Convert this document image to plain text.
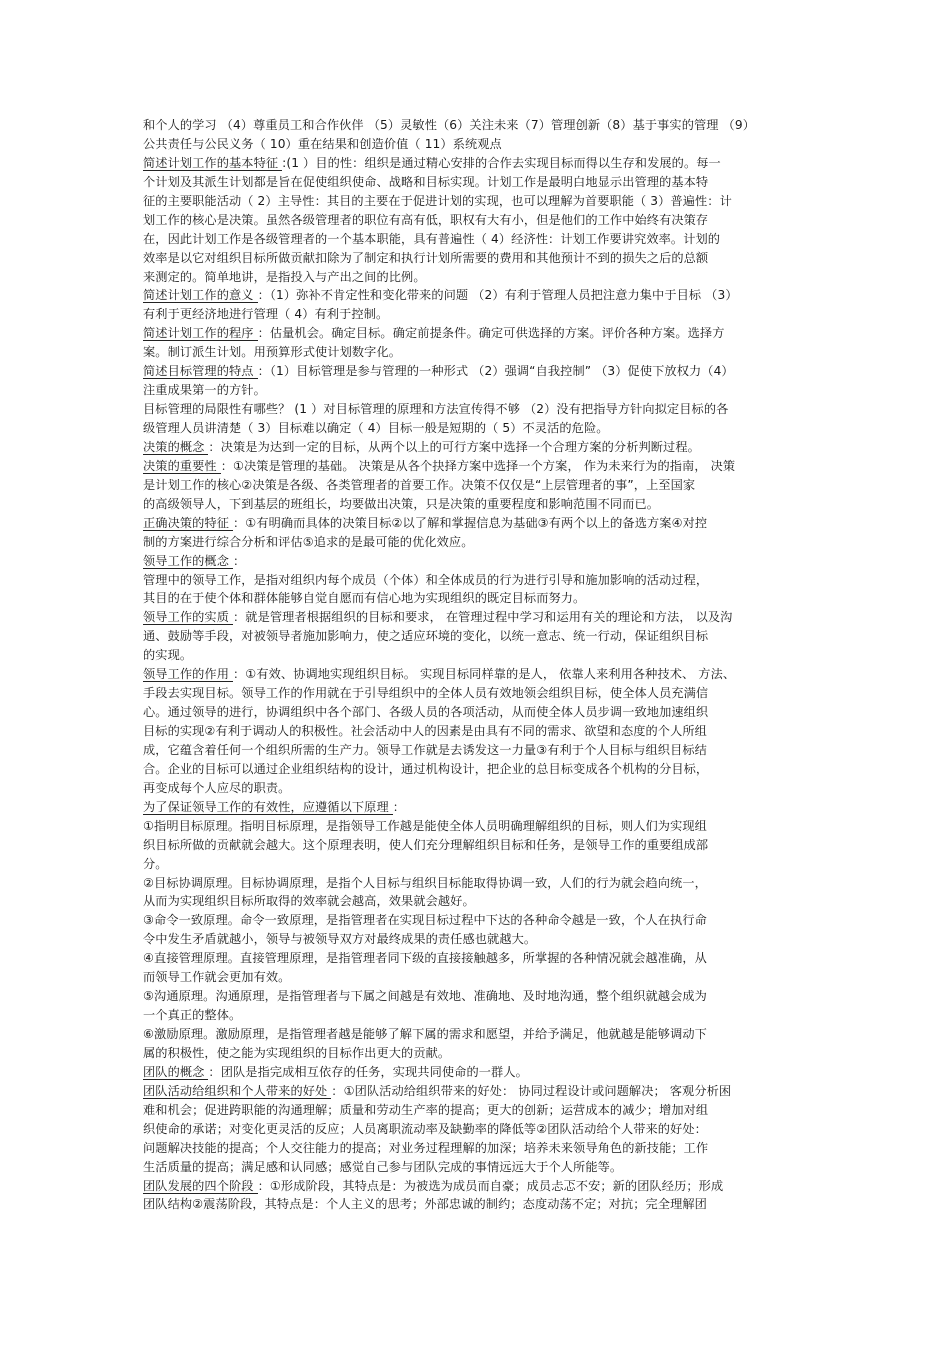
和个人的学习 （4）尊重员工和合作伙伴 （5）灵敏性（6）关注未来（7）管理创新（8）基于事实的管理 （9）
公共责任与公民义务（ 10）重在结果和创造价值（ 11）系统观点
简述计划工作的基本特征 :(1 ）目的性：组织是通过精心安排的合作去实现目标而得以生存和发展的。每一
个计划及其派生计划都是旨在促使组织使命、战略和目标实现。计划工作是最明白地显示出管理的基本特
征的主要职能活动（ 2）主导性：其目的主要在于促进计划的实现，也可以理解为首要职能（ 3）普遍性：计
划工作的核心是决策。虽然各级管理者的职位有高有低，职权有大有小，但是他们的工作中始终有决策存
在，因此计划工作是各级管理者的一个基本职能，具有普遍性（ 4）经济性：计划工作要讲究效率。计划的
效率是以它对组织目标所做贡献扣除为了制定和执行计划所需要的费用和其他预计不到的损失之后的总额
来测定的。简单地讲，是指投入与产出之间的比例。
简述计划工作的意义 ：（1）弥补不肯定性和变化带来的问题 （2）有利于管理人员把注意力集中于目标 （3）
有利于更经济地进行管理（ 4）有利于控制。
简述计划工作的程序 ：估量机会。确定目标。确定前提条件。确定可供选择的方案。评价各种方案。选择方
案。制订派生计划。用预算形式使计划数字化。
简述目标管理的特点 ：（1）目标管理是参与管理的一种形式 （2）强调“自我控制” （3）促使下放权力（4）
注重成果第一的方针。
目标管理的局限性有哪些？ (1 ）对目标管理的原理和方法宣传得不够 （2）没有把指导方针向拟定目标的各
级管理人员讲清楚（ 3）目标难以确定（ 4）目标一般是短期的（ 5）不灵活的危险。
决策的概念 ：决策是为达到一定的目标，从两个以上的可行方案中选择一个合理方案的分析判断过程。
决策的重要性 ：①决策是管理的基础。 决策是从各个抉择方案中选择一个方案， 作为未来行为的指南， 决策
是计划工作的核心②决策是各级、各类管理者的首要工作。决策不仅仅是“上层管理者的事”，上至国家
的高级领导人，下到基层的班组长，均要做出决策，只是决策的重要程度和影响范围不同而已。
正确决策的特征 ：①有明确而具体的决策目标②以了解和掌握信息为基础③有两个以上的备选方案④对控
制的方案进行综合分析和评估⑤追求的是最可能的优化效应。
领导工作的概念 ：
管理中的领导工作，是指对组织内每个成员（个体）和全体成员的行为进行引导和施加影响的活动过程，
其目的在于使个体和群体能够自觉自愿而有信心地为实现组织的既定目标而努力。
领导工作的实质 ：就是管理者根据组织的目标和要求， 在管理过程中学习和运用有关的理论和方法， 以及沟
通、鼓励等手段，对被领导者施加影响力，使之适应环境的变化，以统一意志、统一行动，保证组织目标
的实现。
领导工作的作用 ：①有效、协调地实现组织目标。 实现目标同样靠的是人， 依靠人来利用各种技术、 方法、
手段去实现目标。领导工作的作用就在于引导组织中的全体人员有效地领会组织目标，使全体人员充满信
心。通过领导的进行，协调组织中各个部门、各级人员的各项活动，从而使全体人员步调一致地加速组织
目标的实现②有利于调动人的积极性。社会活动中人的因素是由具有不同的需求、欲望和态度的个人所组
成，它蕴含着任何一个组织所需的生产力。领导工作就是去诱发这一力量③有利于个人目标与组织目标结
合。企业的目标可以通过企业组织结构的设计，通过机构设计，把企业的总目标变成各个机构的分目标，
再变成每个人应尽的职责。
为了保证领导工作的有效性，应遵循以下原理 ：
①指明目标原理。指明目标原理，是指领导工作越是能使全体人员明确理解组织的目标，则人们为实现组
织目标所做的贡献就会越大。这个原理表明，使人们充分理解组织目标和任务，是领导工作的重要组成部
分。
②目标协调原理。目标协调原理，是指个人目标与组织目标能取得协调一致，人们的行为就会趋向统一，
从而为实现组织目标所取得的效率就会越高，效果就会越好。
③命令一致原理。命令一致原理，是指管理者在实现目标过程中下达的各种命令越是一致，个人在执行命
令中发生矛盾就越小，领导与被领导双方对最终成果的责任感也就越大。
④直接管理原理。直接管理原理，是指管理者同下级的直接接触越多，所掌握的各种情况就会越准确，从
而领导工作就会更加有效。
⑤沟通原理。沟通原理，是指管理者与下属之间越是有效地、准确地、及时地沟通，整个组织就越会成为
一个真正的整体。
⑥激励原理。激励原理，是指管理者越是能够了解下属的需求和愿望，并给予满足，他就越是能够调动下
属的积极性，使之能为实现组织的目标作出更大的贡献。
团队的概念 ：团队是指完成相互依存的任务，实现共同使命的一群人。
团队活动给组织和个人带来的好处 ：①团队活动给组织带来的好处： 协同过程设计或问题解决； 客观分析困
难和机会；促进跨职能的沟通理解；质量和劳动生产率的提高；更大的创新；运营成本的减少；增加对组
织使命的承诺；对变化更灵活的反应；人员离职流动率及缺勤率的降低等②团队活动给个人带来的好处：
问题解决技能的提高；个人交往能力的提高；对业务过程理解的加深；培养未来领导角色的新技能；工作
生活质量的提高；满足感和认同感；感觉自己参与团队完成的事情远远大于个人所能等。
团队发展的四个阶段 ：①形成阶段，其特点是：为被选为成员而自豪；成员忐忑不安；新的团队经历；形成
团队结构②震荡阶段，其特点是：个人主义的思考；外部忠诚的制约；态度动荡不定；对抗；完全理解团
